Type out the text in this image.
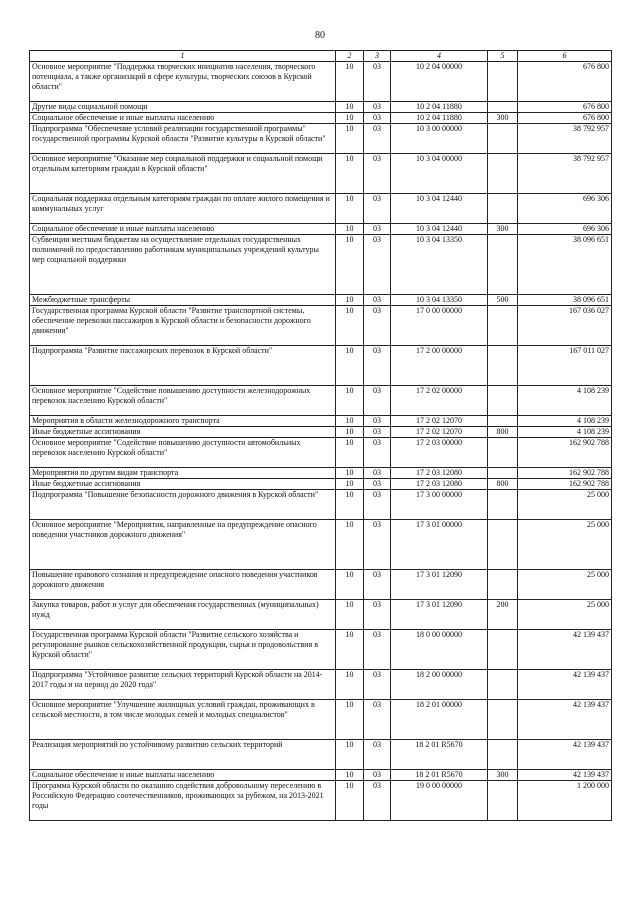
80
1	2	3	4	5	6
Основное мероприятие "Поддержка творческих инициатив населения, творческого потенциала, а также организаций в сфере культуры, творческих союзов в Курской области"	10	03	10 2 04 00000		676 800
Другие виды социальной помощи	10	03	10 2 04 11880		676 800
Социальное обеспечение и иные выплаты населению	10	03	10 2 04 11880	300	676 800
Подпрограмма "Обеспечение условий реализации государственной программы" государственной программы Курской области "Развитие культуры в Курской области"	10	03	10 3 00 00000		38 792 957
Основное мероприятие "Оказание мер социальной поддержки и социальной помощи отдельным категориям граждан в Курской области"	10	03	10 3 04 00000		38 792 957
Социальная поддержка отдельным категориям граждан по оплате жилого помещения и коммунальных услуг	10	03	10 3 04 12440		696 306
Социальное обеспечение и иные выплаты населению	10	03	10 3 04 12440	300	696 306
Субвенции местным бюджетам на осуществление отдельных государственных полномочий по предоставлению работникам муниципальных учреждений культуры мер социальной поддержки	10	03	10 3 04 13350		38 096 651
Межбюджетные трансферты	10	03	10 3 04 13350	500	38 096 651
Государственная программа Курской области "Развитие транспортной системы, обеспечение перевозки пассажиров в Курской области и безопасности дорожного движения"	10	03	17 0 00 00000		167 036 027
Подпрограмма "Развитие пассажирских перевозок в Курской области"	10	03	17 2 00 00000		167 011 027
Основное мероприятие "Содействие повышению доступности железнодорожных перевозок населению Курской области"	10	03	17 2 02 00000		4 108 239
Мероприятия в области железнодорожного транспорта	10	03	17 2 02 12070		4 108 239
Иные бюджетные ассигнования	10	03	17 2 02 12070	800	4 108 239
Основное мероприятие "Содействие повышению доступности автомобильных перевозок населению Курской области"	10	03	17 2 03 00000		162 902 788
Мероприятия по другим видам транспорта	10	03	17 2 03 12080		162 902 788
Иные бюджетные ассигнования	10	03	17 2 03 12080	800	162 902 788
Подпрограмма "Повышение безопасности дорожного движения в Курской области"	10	03	17 3 00 00000		25 000
Основное мероприятие "Мероприятия, направленные на предупреждение опасного поведения участников дорожного движения"	10	03	17 3 01 00000		25 000
Повышение правового сознания и предупреждение опасного поведения участников дорожного движения	10	03	17 3 01 12090		25 000
Закупка товаров, работ и услуг для обеспечения государственных (муниципальных) нужд	10	03	17 3 01 12090	200	25 000
Государственная программа Курской области "Развитие сельского хозяйства и регулирование рынков сельскохозяйственной продукции, сырья и продовольствия в Курской области"	10	03	18 0 00 00000		42 139 437
Подпрограмма "Устойчивое развитие сельских территорий Курской области на 2014-2017 годы и на период до 2020 года"	10	03	18 2 00 00000		42 139 437
Основное мероприятие "Улучшение жилищных условий граждан, проживающих в сельской местности, в том числе молодых семей и молодых специалистов"	10	03	18 2 01 00000		42 139 437
Реализация мероприятий по устойчивому развитию сельских территорий	10	03	18 2 01 R5670		42 139 437
Социальное обеспечение и иные выплаты населению	10	03	18 2 01 R5670	300	42 139 437
Программа Курской области по оказанию содействия добровольному переселению в Российскую Федерацию соотечественников, проживающих за рубежом, на 2013-2021 годы	10	03	19 0 00 00000		1 200 000
